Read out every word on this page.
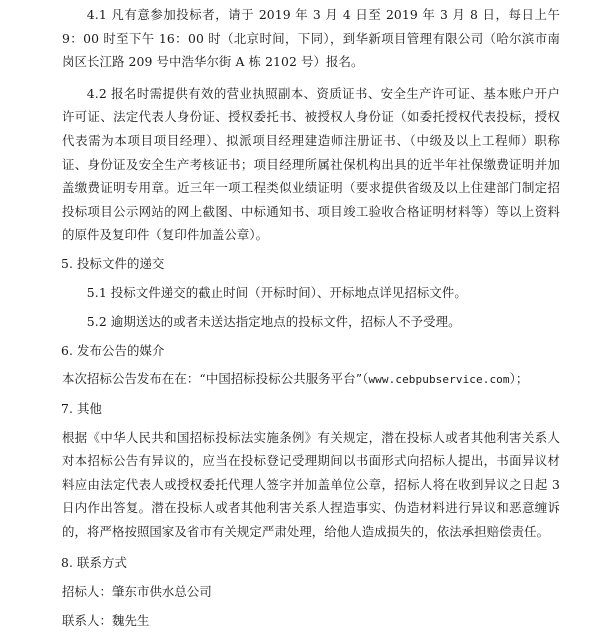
4.1 凡有意参加投标者，请于 2019 年 3 月 4 日至 2019 年 3 月 8 日，每日上午 9：00 时至下午 16：00 时（北京时间，下同），到华新项目管理有限公司（哈尔滨市南岗区长江路 209 号中浩华尔街 A 栋 2102 号）报名。

4.2 报名时需提供有效的营业执照副本、资质证书、安全生产许可证、基本账户开户许可证、法定代表人身份证、授权委托书、被授权人身份证（如委托授权代表投标，授权代表需为本项目项目经理）、拟派项目经理建造师注册证书、（中级及以上工程师）职称证、身份证及安全生产考核证书；项目经理所属社保机构出具的近半年社保缴费证明并加盖缴费证明专用章。近三年一项工程类似业绩证明（要求提供省级及以上住建部门制定招投标项目公示网站的网上截图、中标通知书、项目竣工验收合格证明材料等）等以上资料的原件及复印件（复印件加盖公章）。

5. 投标文件的递交

5.1 投标文件递交的截止时间（开标时间）、开标地点详见招标文件。

5.2 逾期送达的或者未送达指定地点的投标文件，招标人不予受理。

6. 发布公告的媒介

本次招标公告发布在在：“中国招标投标公共服务平台”（www.cebpubservice.com）；

7. 其他

根据《中华人民共和国招标投标法实施条例》有关规定，潜在投标人或者其他利害关系人对本招标公告有异议的，应当在投标登记受理期间以书面形式向招标人提出，书面异议材料应由法定代表人或授权委托代理人签字并加盖单位公章，招标人将在收到异议之日起 3 日内作出答复。潜在投标人或者其他利害关系人捏造事实、伪造材料进行异议和恶意缠诉的，将严格按照国家及省市有关规定严肃处理，给他人造成损失的，依法承担赔偿责任。

8. 联系方式

招标人：肇东市供水总公司

联系人：魏先生
